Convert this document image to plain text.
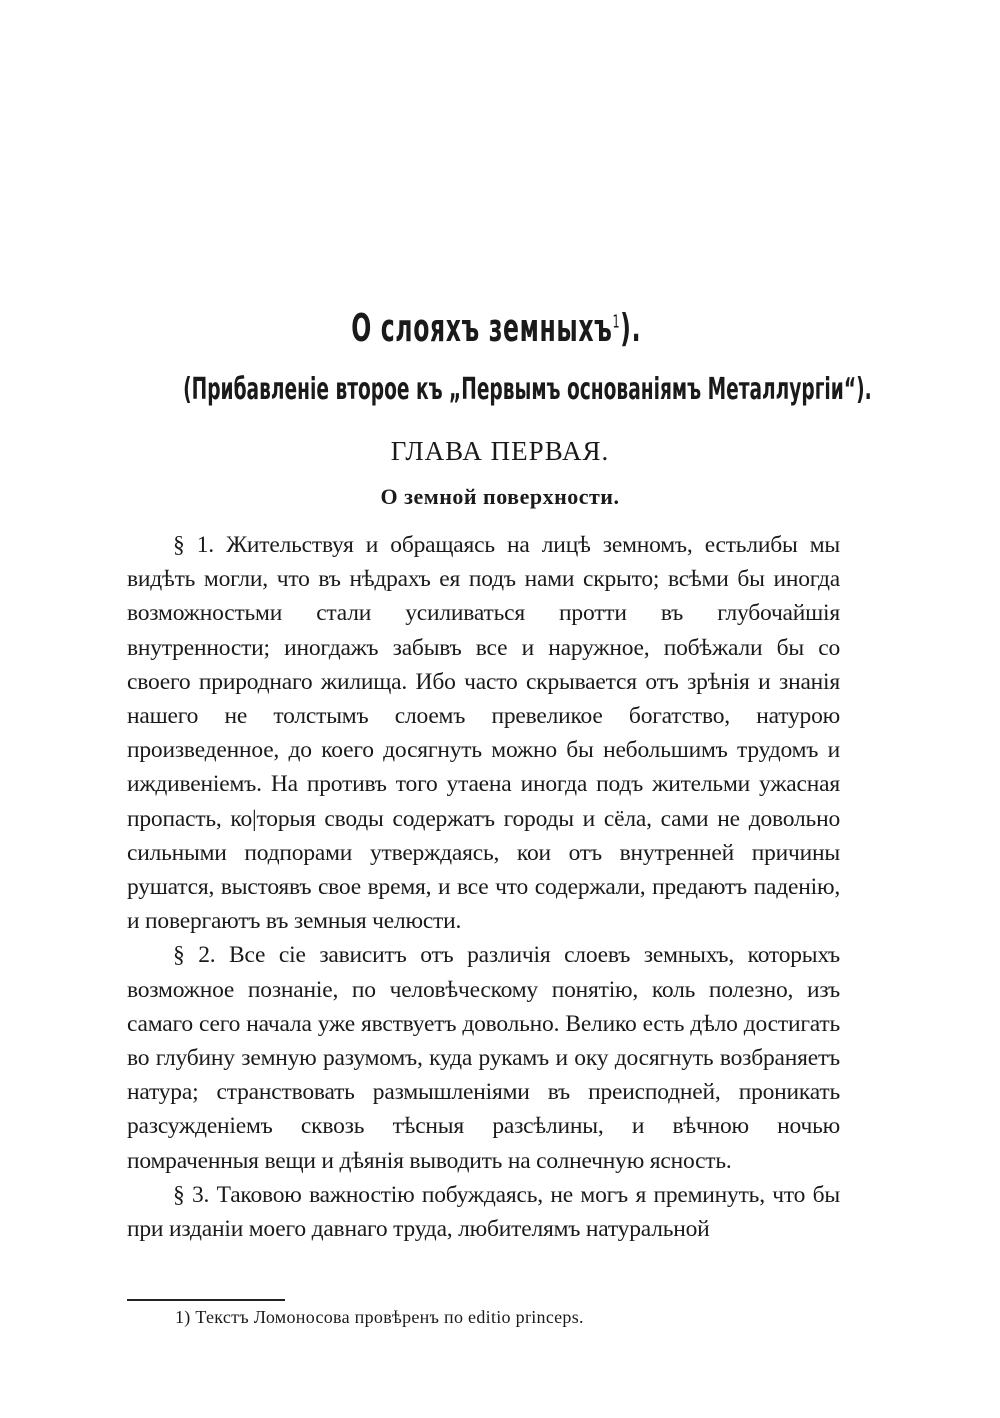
О слояхъ земныхъ$^1$).
(Прибавленіе второе къ „Первымъ основаніямъ Металлургіи“).
ГЛАВА ПЕРВАЯ.
О земной поверхности.

§ 1. Жительствуя и обращаясь на лицѣ земномъ, естьлибы мы видѣть могли, что въ нѣдрахъ ея подъ нами скрыто; всѣми бы иногда возможностьми стали усиливаться протти въ глубочайшія внутренности; иногдажъ забывъ все и наружное, побѣжали бы со своего природнаго жилища. Ибо часто скрывается отъ зрѣнія и знанія нашего не толстымъ слоемъ превеликое богатство, натурою произведенное, до коего досягнуть можно бы небольшимъ трудомъ и иждивеніемъ. На противъ того утаена иногда подъ жительми ужасная пропасть, ко|торыя своды содержатъ городы и сёла, сами не довольно сильными подпорами утверждаясь, кои отъ внутренней причины рушатся, выстоявъ свое время, и все что содержали, предаютъ паденію, и повергаютъ въ земныя челюсти.

§ 2. Все сіе зависитъ отъ различія слоевъ земныхъ, которыхъ возможное познаніе, по человѣческому понятію, коль полезно, изъ самаго сего начала уже явствуетъ довольно. Велико есть дѣло достигать во глубину земную разумомъ, куда рукамъ и оку досягнуть возбраняетъ натура; странствовать размышленіями въ преисподней, проникать разсужденіемъ сквозь тѣсныя разсѣлины, и вѣчною ночью помраченныя вещи и дѣянія выводить на солнечную ясность.

§ 3. Таковою важностію побуждаясь, не могъ я преминуть, что бы при изданіи моего давнаго труда, любителямъ натуральной

1) Текстъ Ломоносова провѣренъ по editio princeps.
